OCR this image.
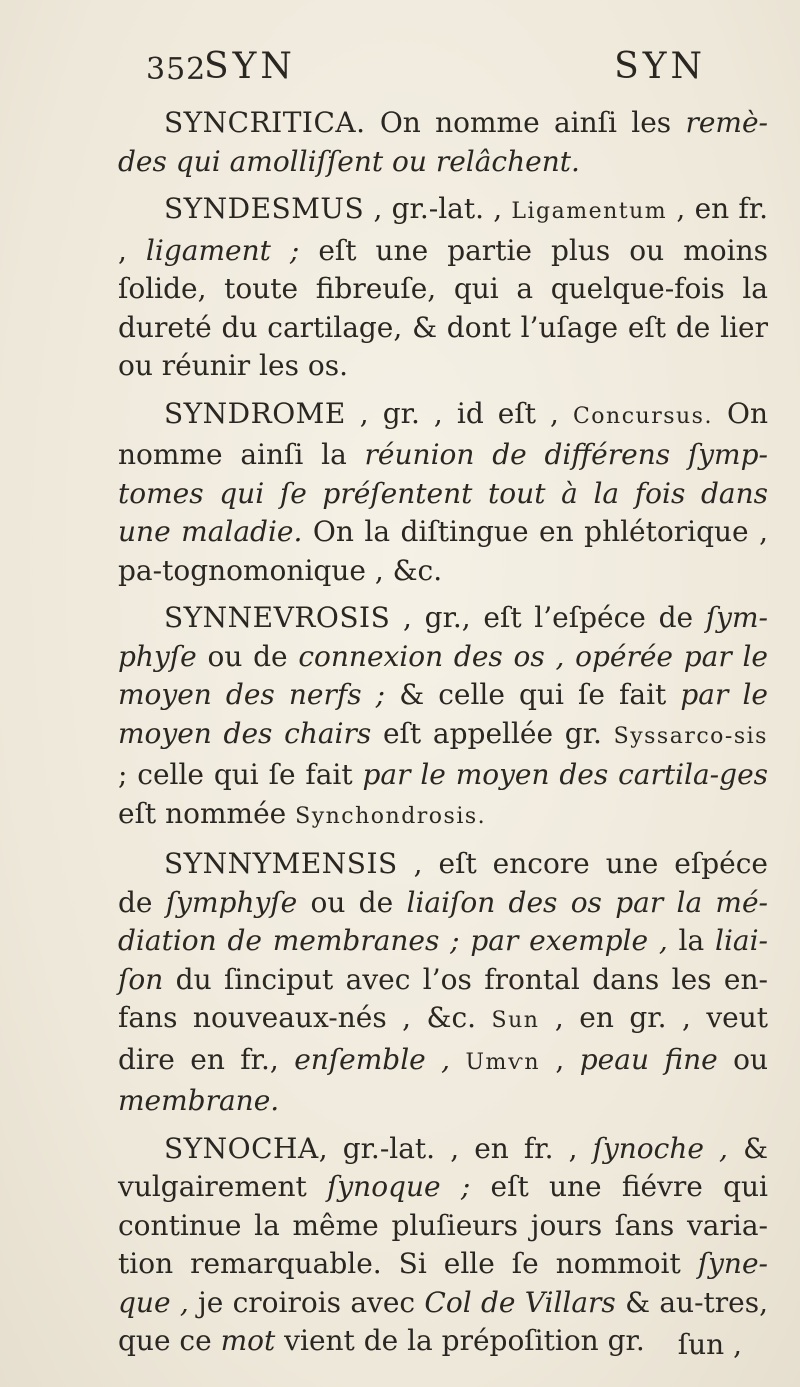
352
SYN	SYN

SYNCRITICA. On nomme ainſi les remè-des qui amolliſſent ou relâchent.

SYNDESMUS , gr.-lat. , Ligamentum , en fr. , ligament ; eſt une partie plus ou moins ſolide, toute fibreuſe, qui a quelque-fois la dureté du cartilage, & dont l’uſage eſt de lier ou réunir les os.

SYNDROME , gr. , id eſt , Concursus. On nomme ainſi la réunion de différens ſymp-tomes qui ſe préſentent tout à la fois dans une maladie. On la diſtingue en phlétorique , pa-tognomonique , &c.

SYNNEVROSIS , gr., eſt l’eſpéce de ſym-phyſe ou de connexion des os , opérée par le moyen des nerfs ; & celle qui ſe fait par le moyen des chairs eſt appellée gr. Syssarco-sis ; celle qui ſe fait par le moyen des cartila-ges eſt nommée Synchondrosis.

SYNNYMENSIS , eſt encore une eſpéce de ſymphyſe ou de liaiſon des os par la mé-diation de membranes ; par exemple , la liai-ſon du ſinciput avec l’os frontal dans les en-fans nouveaux-nés , &c. Sun , en gr. , veut dire en fr., enſemble , Umѵn , peau fine ou membrane.

SYNOCHA, gr.-lat. , en fr. , ſynoche , & vulgairement ſynoque ; eſt une fiévre qui continue la même pluſieurs jours ſans varia-tion remarquable. Si elle ſe nommoit ſyne-que , je croirois avec Col de Villars & au-tres, que ce mot vient de la prépoſition gr.	ſun ,
